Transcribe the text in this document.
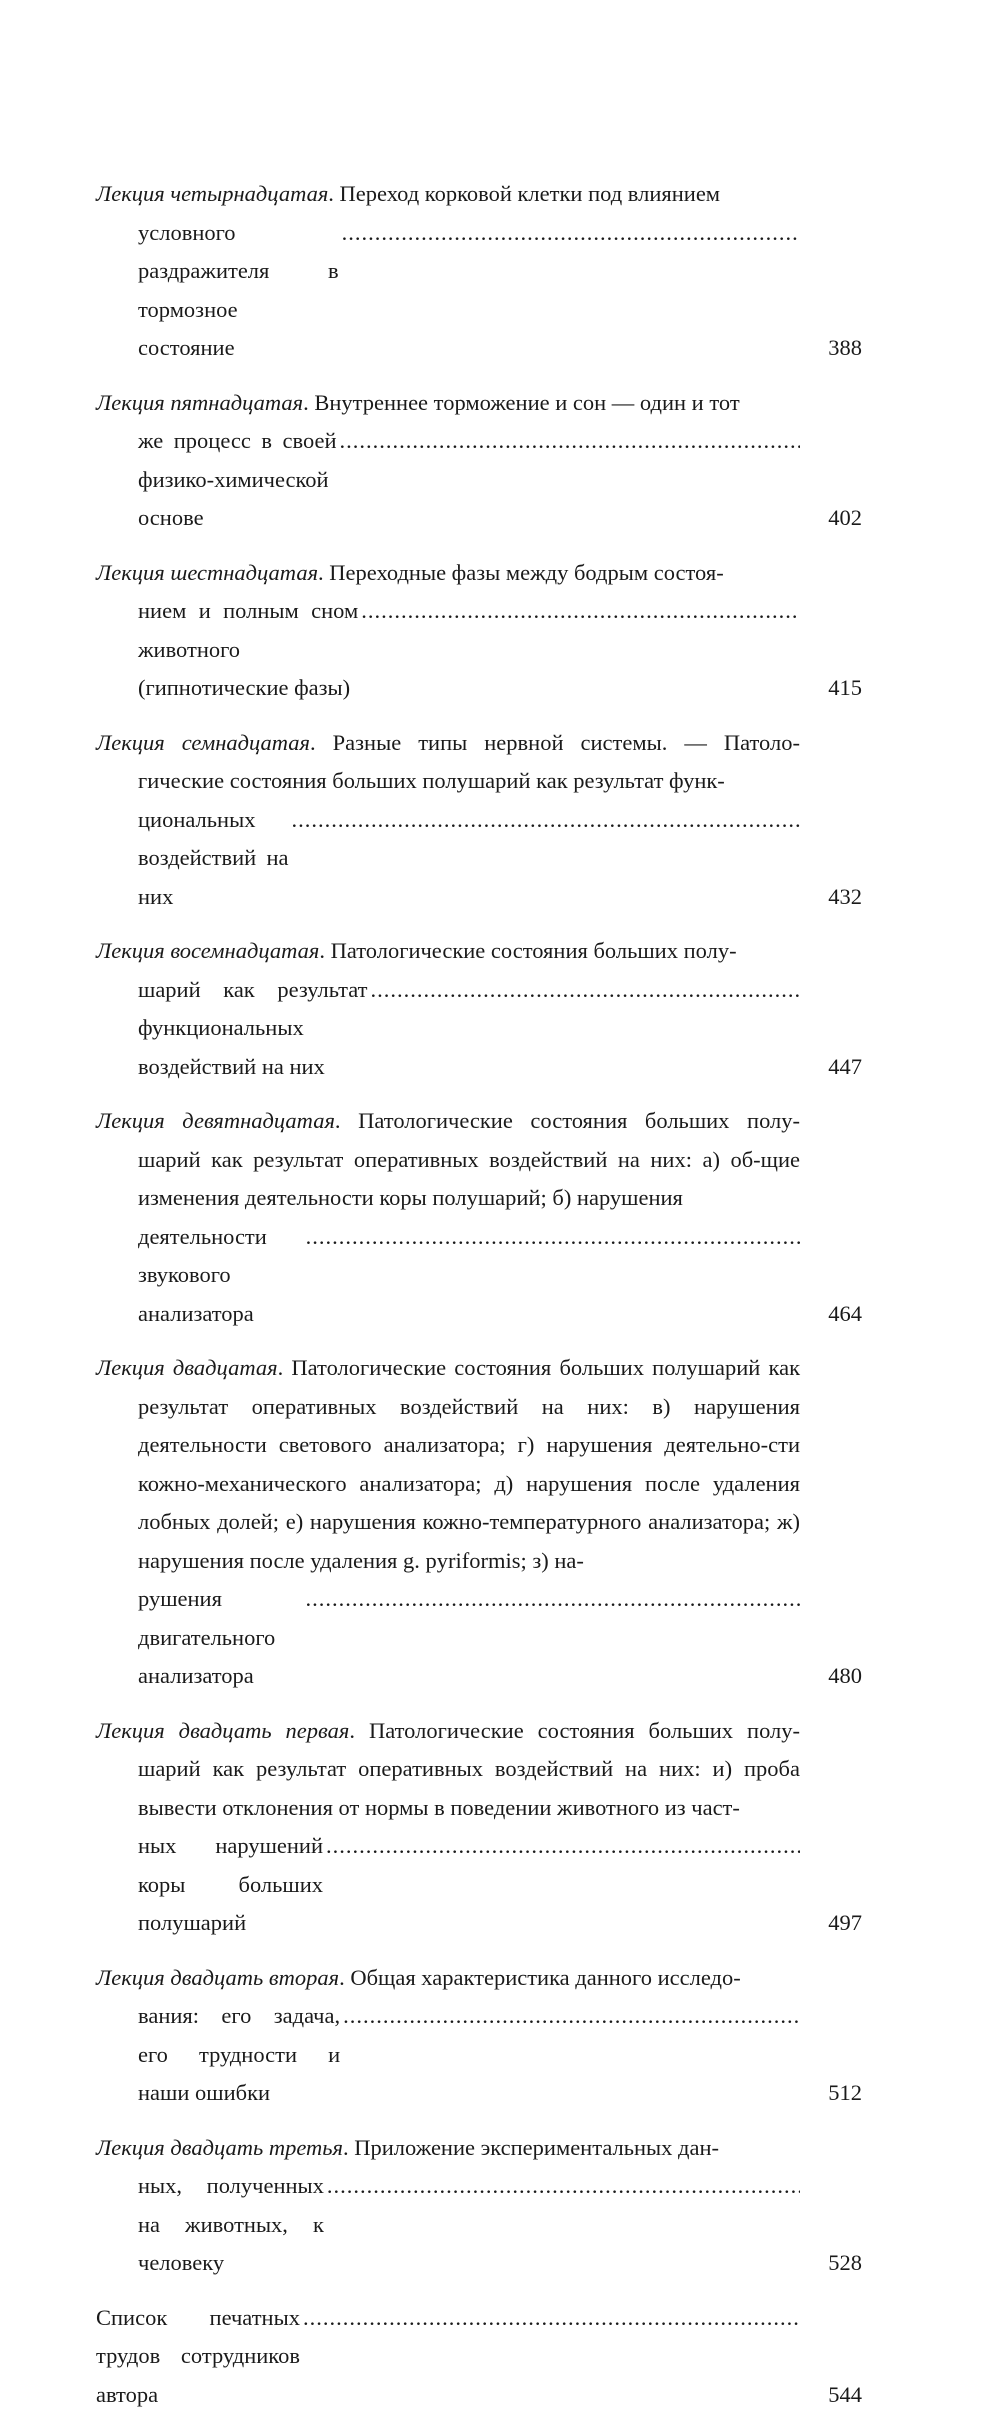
Лекция четырнадцатая. Переход корковой клетки под влиянием
условного раздражителя в тормозное состояние
.....	388
Лекция пятнадцатая. Внутреннее торможение и сон — один и тот
же процесс в своей физико-химической основе
.....	402
Лекция шестнадцатая. Переходные фазы между бодрым состоя-
нием и полным сном животного (гипнотические фазы)
.....	415
Лекция семнадцатая. Разные типы нервной системы. — Патоло-гические состояния больших полушарий как результат функ-
циональных воздействий на них
.....	432
Лекция восемнадцатая. Патологические состояния больших полу-
шарий как результат функциональных воздействий на них
.....	447
Лекция девятнадцатая. Патологические состояния больших полу-шарий как результат оперативных воздействий на них: а) об-щие изменения деятельности коры полушарий; б) нарушения
деятельности звукового анализатора
.....	464
Лекция двадцатая. Патологические состояния больших полушарий как результат оперативных воздействий на них: в) нарушения деятельности светового анализатора; г) нарушения деятельно-сти кожно-механического анализатора; д) нарушения после удаления лобных долей; е) нарушения кожно-температурного анализатора; ж) нарушения после удаления g. pyriformis; з) на-
рушения двигательного анализатора
.....	480
Лекция двадцать первая. Патологические состояния больших полу-шарий как результат оперативных воздействий на них: и) проба вывести отклонения от нормы в поведении животного из част-
ных нарушений коры больших полушарий
.....	497
Лекция двадцать вторая. Общая характеристика данного исследо-
вания: его задача, его трудности и наши ошибки
.....	512
Лекция двадцать третья. Приложение экспериментальных дан-
ных, полученных на животных, к человеку
.....	528
Список печатных трудов сотрудников автора
.....	544
